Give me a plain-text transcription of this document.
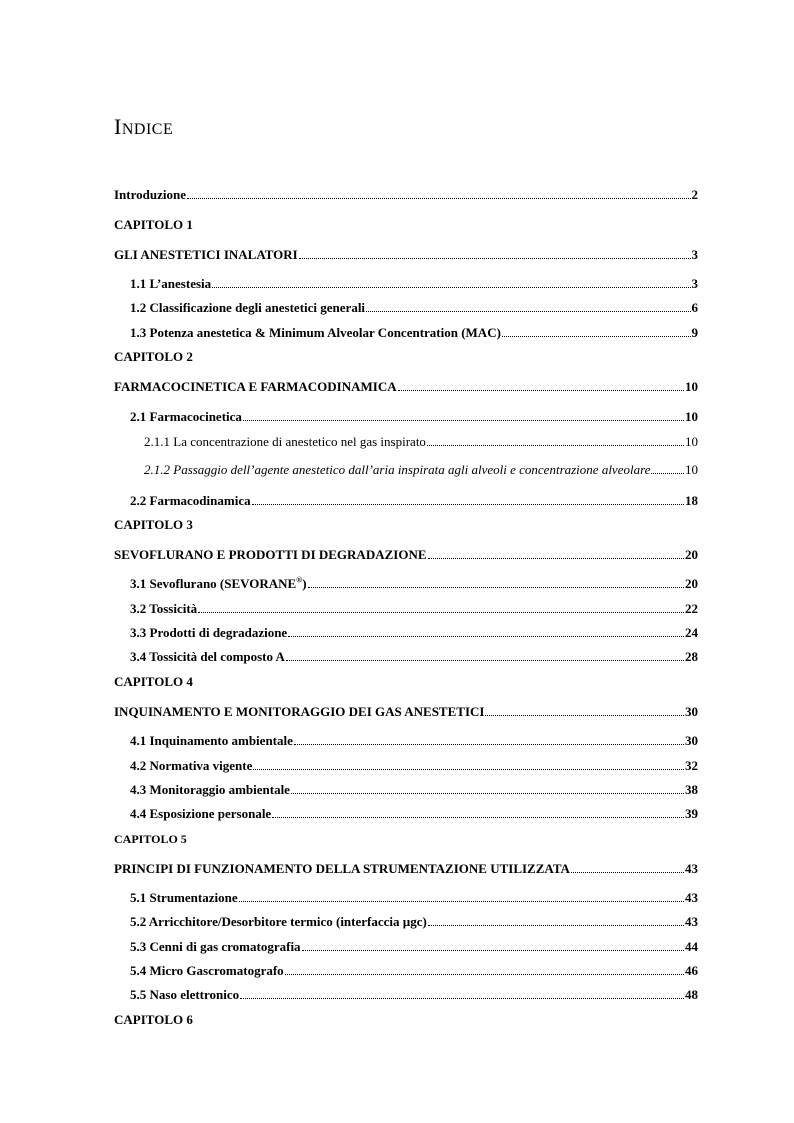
INDICE
Introduzione	2
CAPITOLO 1
GLI ANESTETICI INALATORI	3
1.1 L’anestesia	3
1.2 Classificazione degli anestetici generali	6
1.3 Potenza anestetica & Minimum Alveolar Concentration (MAC)	9
CAPITOLO 2
FARMACOCINETICA E FARMACODINAMICA	10
2.1 Farmacocinetica	10
2.1.1 La concentrazione di anestetico nel gas inspirato	10
2.1.2 Passaggio dell’agente anestetico dall’aria inspirata agli alveoli e concentrazione alveolare	10
2.2 Farmacodinamica	18
CAPITOLO 3
SEVOFLURANO E PRODOTTI DI DEGRADAZIONE	20
3.1 Sevoflurano (SEVORANE®)	20
3.2 Tossicità	22
3.3 Prodotti di degradazione	24
3.4 Tossicità del composto A	28
CAPITOLO 4
INQUINAMENTO E MONITORAGGIO DEI GAS ANESTETICI	30
4.1 Inquinamento ambientale	30
4.2 Normativa vigente	32
4.3 Monitoraggio ambientale	38
4.4 Esposizione personale	39
CAPITOLO 5
PRINCIPI DI FUNZIONAMENTO DELLA STRUMENTAZIONE UTILIZZATA	43
5.1 Strumentazione	43
5.2 Arricchitore/Desorbitore termico (interfaccia µgc)	43
5.3 Cenni di gas cromatografia	44
5.4 Micro Gascromatografo	46
5.5 Naso elettronico	48
CAPITOLO 6
